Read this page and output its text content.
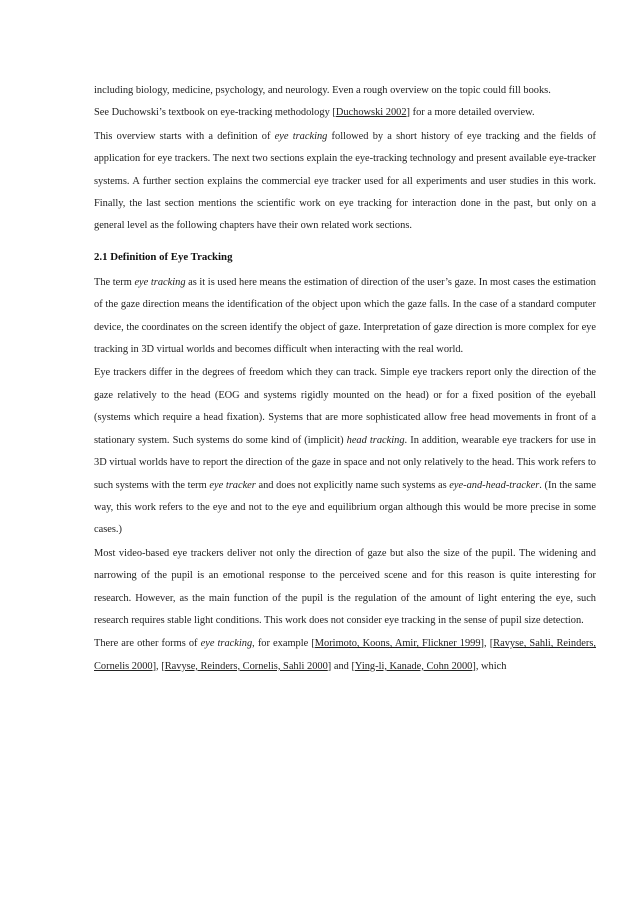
including biology, medicine, psychology, and neurology. Even a rough overview on the topic could fill books.

See Duchowski’s textbook on eye-tracking methodology [Duchowski 2002] for a more detailed overview.

This overview starts with a definition of eye tracking followed by a short history of eye tracking and the fields of application for eye trackers. The next two sections explain the eye-tracking technology and present available eye-tracker systems. A further section explains the commercial eye tracker used for all experiments and user studies in this work. Finally, the last section mentions the scientific work on eye tracking for interaction done in the past, but only on a general level as the following chapters have their own related work sections.

2.1 Definition of Eye Tracking

The term eye tracking as it is used here means the estimation of direction of the user’s gaze. In most cases the estimation of the gaze direction means the identification of the object upon which the gaze falls. In the case of a standard computer device, the coordinates on the screen identify the object of gaze. Interpretation of gaze direction is more complex for eye tracking in 3D virtual worlds and becomes difficult when interacting with the real world.

Eye trackers differ in the degrees of freedom which they can track. Simple eye trackers report only the direction of the gaze relatively to the head (EOG and systems rigidly mounted on the head) or for a fixed position of the eyeball (systems which require a head fixation). Systems that are more sophisticated allow free head movements in front of a stationary system. Such systems do some kind of (implicit) head tracking. In addition, wearable eye trackers for use in 3D virtual worlds have to report the direction of the gaze in space and not only relatively to the head. This work refers to such systems with the term eye tracker and does not explicitly name such systems as eye-and-head-tracker. (In the same way, this work refers to the eye and not to the eye and equilibrium organ although this would be more precise in some cases.)

Most video-based eye trackers deliver not only the direction of gaze but also the size of the pupil. The widening and narrowing of the pupil is an emotional response to the perceived scene and for this reason is quite interesting for research. However, as the main function of the pupil is the regulation of the amount of light entering the eye, such research requires stable light conditions. This work does not consider eye tracking in the sense of pupil size detection.

There are other forms of eye tracking, for example [Morimoto, Koons, Amir, Flickner 1999], [Ravyse, Sahli, Reinders, Cornelis 2000], [Ravyse, Reinders, Cornelis, Sahli 2000] and [Ying-li, Kanade, Cohn 2000], which
